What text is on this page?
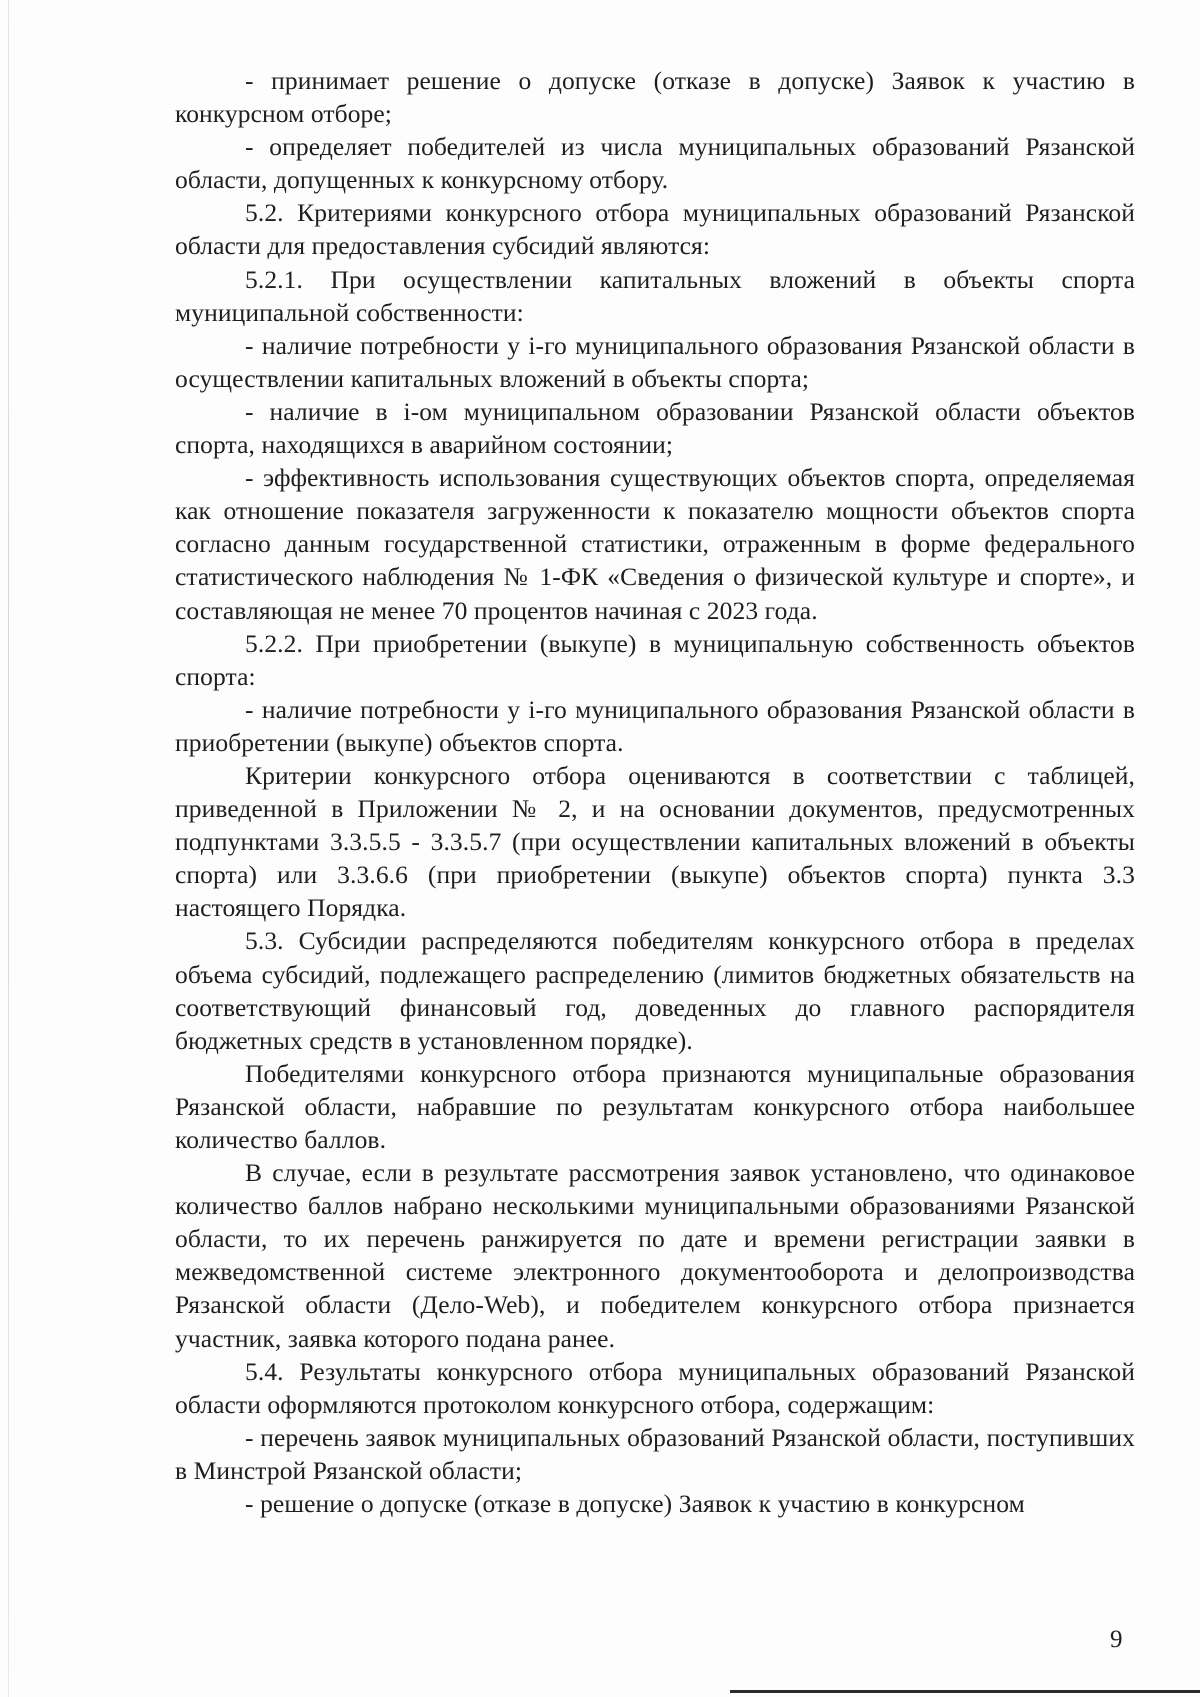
- принимает решение о допуске (отказе в допуске) Заявок к участию в конкурсном отборе;

- определяет победителей из числа муниципальных образований Рязанской области, допущенных к конкурсному отбору.

5.2. Критериями конкурсного отбора муниципальных образований Рязанской области для предоставления субсидий являются:

5.2.1. При осуществлении капитальных вложений в объекты спорта муниципальной собственности:

- наличие потребности у i-го муниципального образования Рязанской области в осуществлении капитальных вложений в объекты спорта;

- наличие в i-ом муниципальном образовании Рязанской области объектов спорта, находящихся в аварийном состоянии;

- эффективность использования существующих объектов спорта, определяемая как отношение показателя загруженности к показателю мощности объектов спорта согласно данным государственной статистики, отраженным в форме федерального статистического наблюдения № 1-ФК «Сведения о физической культуре и спорте», и составляющая не менее 70 процентов начиная с 2023 года.

5.2.2. При приобретении (выкупе) в муниципальную собственность объектов спорта:

- наличие потребности у i-го муниципального образования Рязанской области в приобретении (выкупе) объектов спорта.

Критерии конкурсного отбора оцениваются в соответствии с таблицей, приведенной в Приложении № 2, и на основании документов, предусмотренных подпунктами 3.3.5.5 - 3.3.5.7 (при осуществлении капитальных вложений в объекты спорта) или 3.3.6.6 (при приобретении (выкупе) объектов спорта) пункта 3.3 настоящего Порядка.

5.3. Субсидии распределяются победителям конкурсного отбора в пределах объема субсидий, подлежащего распределению (лимитов бюджетных обязательств на соответствующий финансовый год, доведенных до главного распорядителя бюджетных средств в установленном порядке).

Победителями конкурсного отбора признаются муниципальные образования Рязанской области, набравшие по результатам конкурсного отбора наибольшее количество баллов.

В случае, если в результате рассмотрения заявок установлено, что одинаковое количество баллов набрано несколькими муниципальными образованиями Рязанской области, то их перечень ранжируется по дате и времени регистрации заявки в межведомственной системе электронного документооборота и делопроизводства Рязанской области (Дело-Web), и победителем конкурсного отбора признается участник, заявка которого подана ранее.

5.4. Результаты конкурсного отбора муниципальных образований Рязанской области оформляются протоколом конкурсного отбора, содержащим:

- перечень заявок муниципальных образований Рязанской области, поступивших в Минстрой Рязанской области;

- решение о допуске (отказе в допуске) Заявок к участию в конкурсном

9
